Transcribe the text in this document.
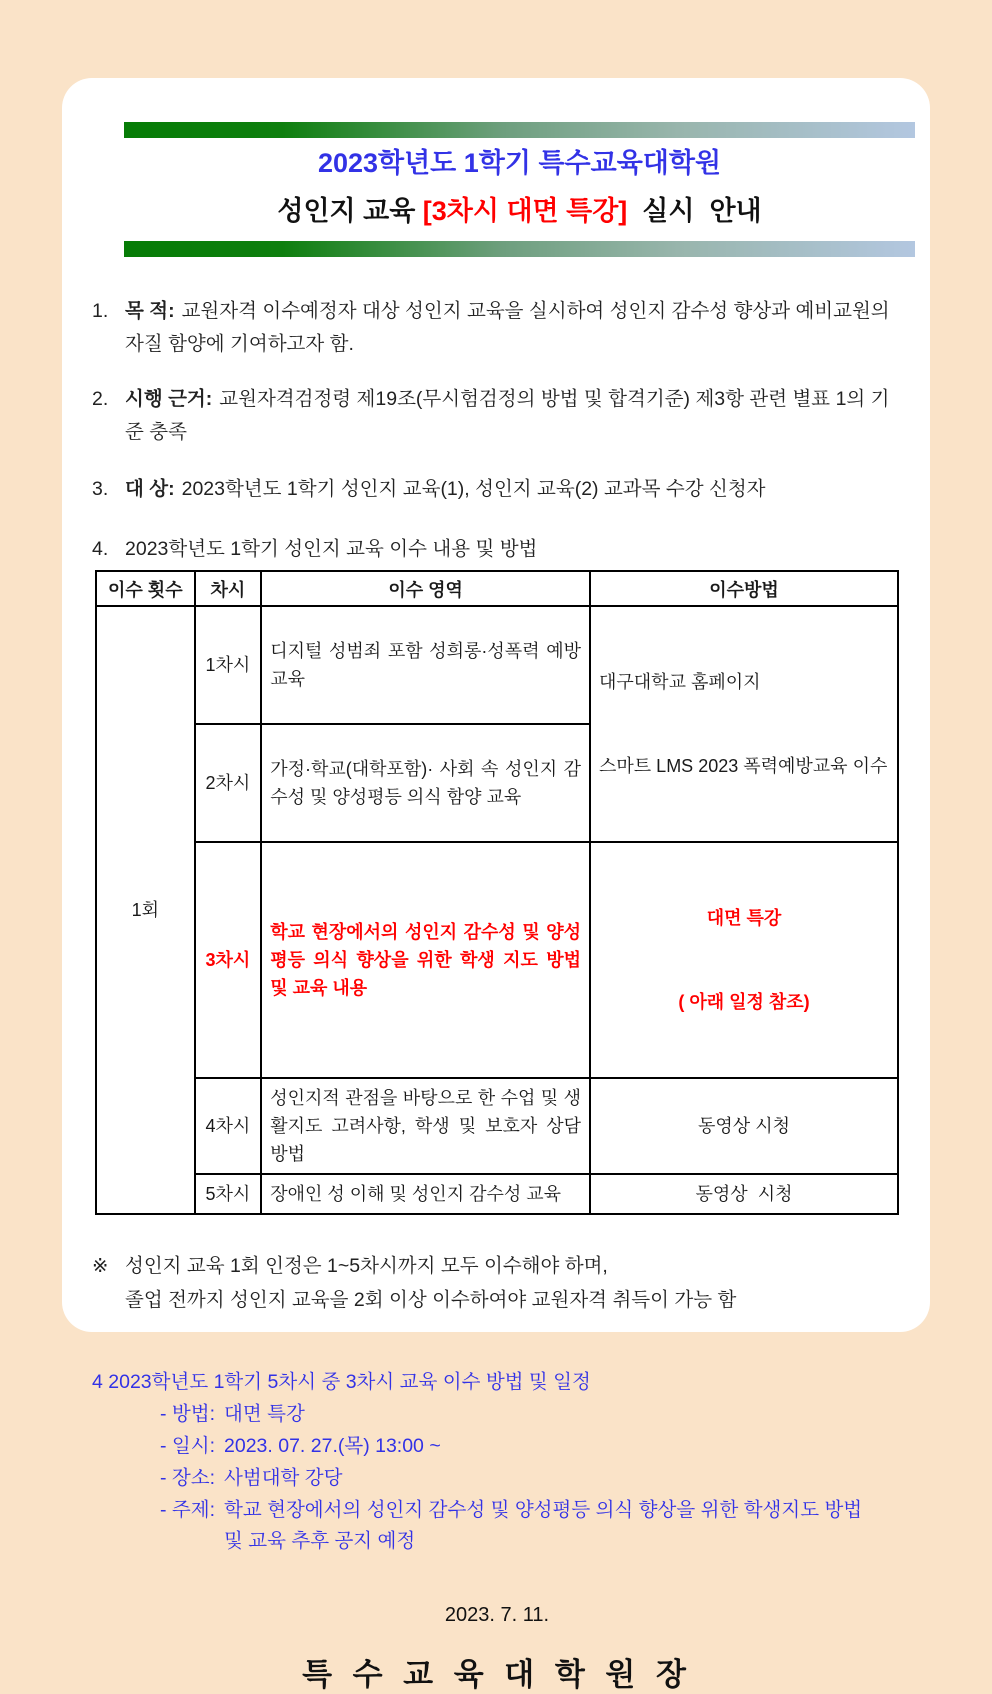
2023학년도 1학기 특수교육대학원
성인지 교육 [3차시 대면 특강]  실시  안내
1. 목 적: 교원자격 이수예정자 대상 성인지 교육을 실시하여 성인지 감수성 향상과 예비교원의 자질 함양에 기여하고자 함.
2. 시행 근거: 교원자격검정령 제19조(무시험검정의 방법 및 합격기준) 제3항 관련 별표 1의 기준 충족
3. 대 상: 2023학년도 1학기 성인지 교육(1), 성인지 교육(2) 교과목 수강 신청자
4. 2023학년도 1학기 성인지 교육 이수 내용 및 방법
이수 횟수	차시	이수 영역	이수방법
1회	1차시	디지털 성범죄 포함 성희롱·성폭력 예방교육	대구대학교 홈페이지

스마트 LMS 2023 폭력예방교육 이수

	2차시	가정·학교(대학포함)· 사회 속 성인지 감수성 및 양성평등 의식 함양 교육	
	3차시	학교 현장에서의 성인지 감수성 및 양성평등 의식 향상을 위한 학생 지도 방법 및 교육 내용	대면 특강

( 아래 일정 참조)

	4차시	성인지적 관점을 바탕으로 한 수업 및 생활지도 고려사항, 학생 및 보호자 상담 방법	동영상 시청
	5차시	장애인 성 이해 및 성인지 감수성 교육	동영상  시청
※ 성인지 교육 1회 인정은 1~5차시까지 모두 이수해야 하며,
졸업 전까지 성인지 교육을 2회 이상 이수하여야 교원자격 취득이 가능 함
4 2023학년도 1학기 5차시 중 3차시 교육 이수 방법 및 일정
- 방법: 대면 특강
- 일시: 2023. 07. 27.(목) 13:00 ~
- 장소: 사범대학 강당
- 주제: 학교 현장에서의 성인지 감수성 및 양성평등 의식 향상을 위한 학생지도 방법 및 교육 추후 공지 예정
2023. 7. 11.
특 수 교 육 대 학 원 장
